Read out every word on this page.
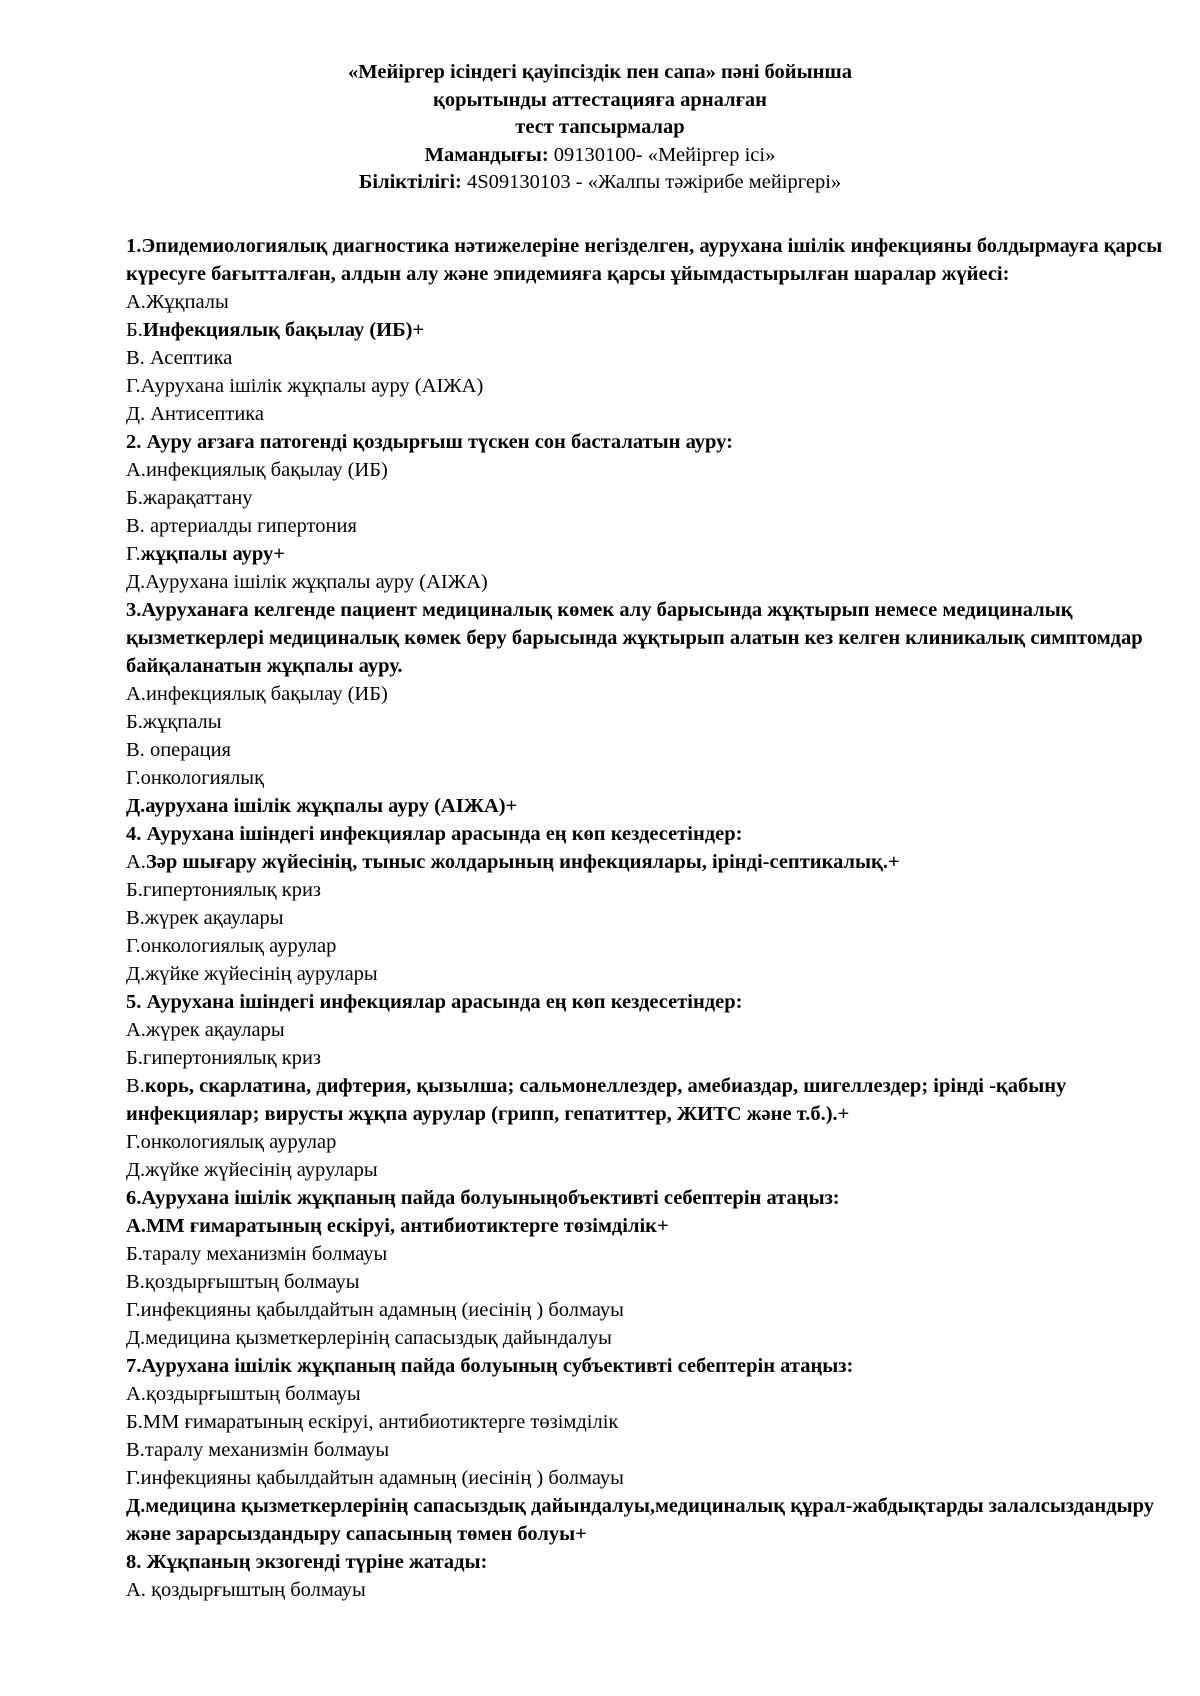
«Мейіргер ісіндегі қауіпсіздік пен сапа» пәні бойынша
қорытынды аттестацияға арналған
тест тапсырмалар
Мамандығы: 09130100- «Мейіргер ісі»
Біліктілігі: 4S09130103 - «Жалпы тәжірибе мейіргері»
1.Эпидемиологиялық диагностика нәтижелеріне негізделген, аурухана ішілік инфекцияны болдырмауға қарсы күресуге бағытталған, алдын алу және эпидемияға қарсы ұйымдастырылған шаралар жүйесі:
А.Жұқпалы
Б.Инфекциялық бақылау (ИБ)+
В. Асептика
Г.Аурухана ішілік жұқпалы ауру (АІЖА)
Д. Антисептика
2. Ауру ағзаға патогенді қоздырғыш түскен сон басталатын ауру:
А.инфекциялық бақылау (ИБ)
Б.жарақаттану
В. артериалды гипертония
Г.жұқпалы ауру+
Д.Аурухана ішілік жұқпалы ауру (АІЖА)
3.Ауруханаға келгенде пациент медициналық көмек алу барысында жұқтырып немесе медициналық қызметкерлері медициналық көмек беру барысында жұқтырып алатын кез келген клиникалық симптомдар байқаланатын жұқпалы ауру.
А.инфекциялық бақылау (ИБ)
Б.жұқпалы
В. операция
Г.онкологиялық
Д.аурухана ішілік жұқпалы ауру (АІЖА)+
4. Аурухана ішіндегі инфекциялар арасында ең көп кездесетіндер:
А.Зәр шығару жүйесінің, тыныс жолдарының инфекциялары, ірінді-септикалық.+
Б.гипертониялық криз
В.жүрек ақаулары
Г.онкологиялық аурулар
Д.жүйке жүйесінің аурулары
5. Аурухана ішіндегі инфекциялар арасында ең көп кездесетіндер:
А.жүрек ақаулары
Б.гипертониялық криз
В.корь, скарлатина, дифтерия, қызылша; сальмонеллездер, амебиаздар, шигеллездер; ірінді -қабыну инфекциялар; вирусты жұқпа аурулар (грипп, гепатиттер, ЖИТС және т.б.).+
Г.онкологиялық аурулар
Д.жүйке жүйесінің аурулары
6.Аурухана ішілік жұқпаның пайда болуыныңобъективті себептерін атаңыз:
А.ММ ғимаратының ескіруі, антибиотиктерге төзімділік+
Б.таралу механизмін болмауы
В.қоздырғыштың болмауы
Г.инфекцияны қабылдайтын адамның (иесінің ) болмауы
Д.медицина қызметкерлерінің сапасыздық дайындалуы
7.Аурухана ішілік жұқпаның пайда болуының субъективті себептерін атаңыз:
А.қоздырғыштың болмауы
Б.ММ ғимаратының ескіруі, антибиотиктерге төзімділік
В.таралу механизмін болмауы
Г.инфекцияны қабылдайтын адамның (иесінің ) болмауы
Д.медицина қызметкерлерінің сапасыздық дайындалуы,медициналық құрал-жабдықтарды залалсыздандыру және зарарсыздандыру сапасының төмен болуы+
8. Жұқпаның экзогенді түріне жатады:
А. қоздырғыштың болмауы
